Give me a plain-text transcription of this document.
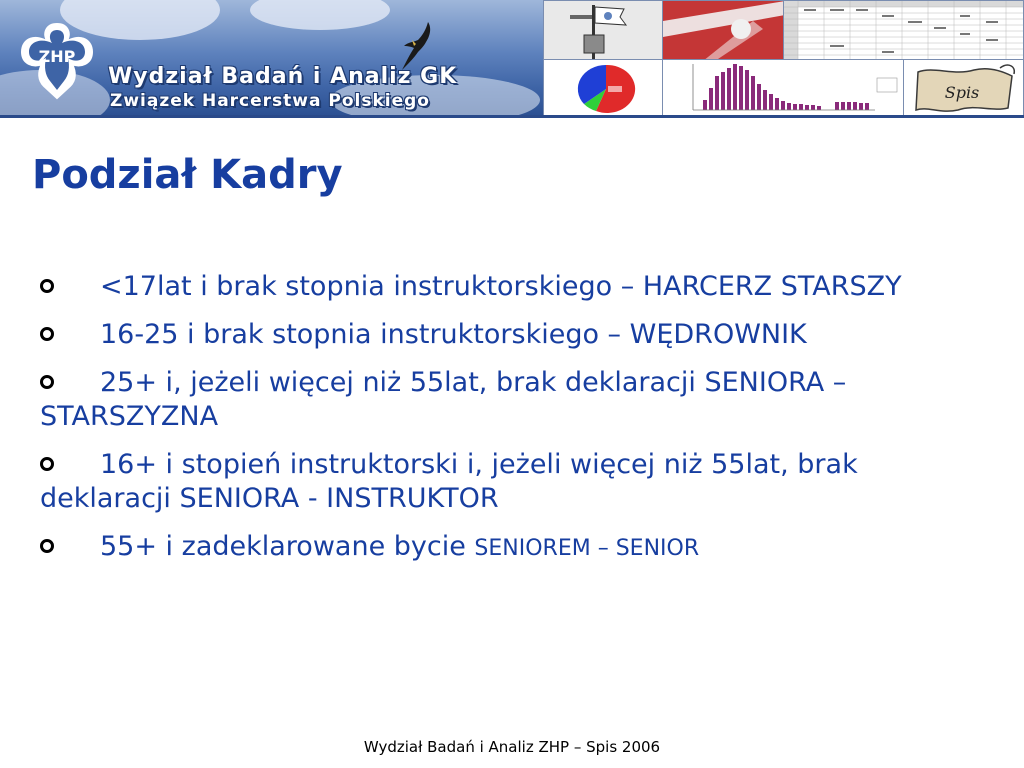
ZHP
Wydział Badań i Analiz GK
Związek Harcerstwa Polskiego	Spis
Podział Kadry
<17lat i brak stopnia instruktorskiego – HARCERZ STARSZY
16-25 i brak stopnia instruktorskiego – WĘDROWNIK
25+ i, jeżeli więcej niż 55lat, brak deklaracji SENIORA – STARSZYZNA
16+ i stopień instruktorski i, jeżeli więcej niż 55lat, brak deklaracji SENIORA - INSTRUKTOR
55+ i zadeklarowane bycie SENIOREM – SENIOR

Wydział Badań i Analiz ZHP – Spis 2006
